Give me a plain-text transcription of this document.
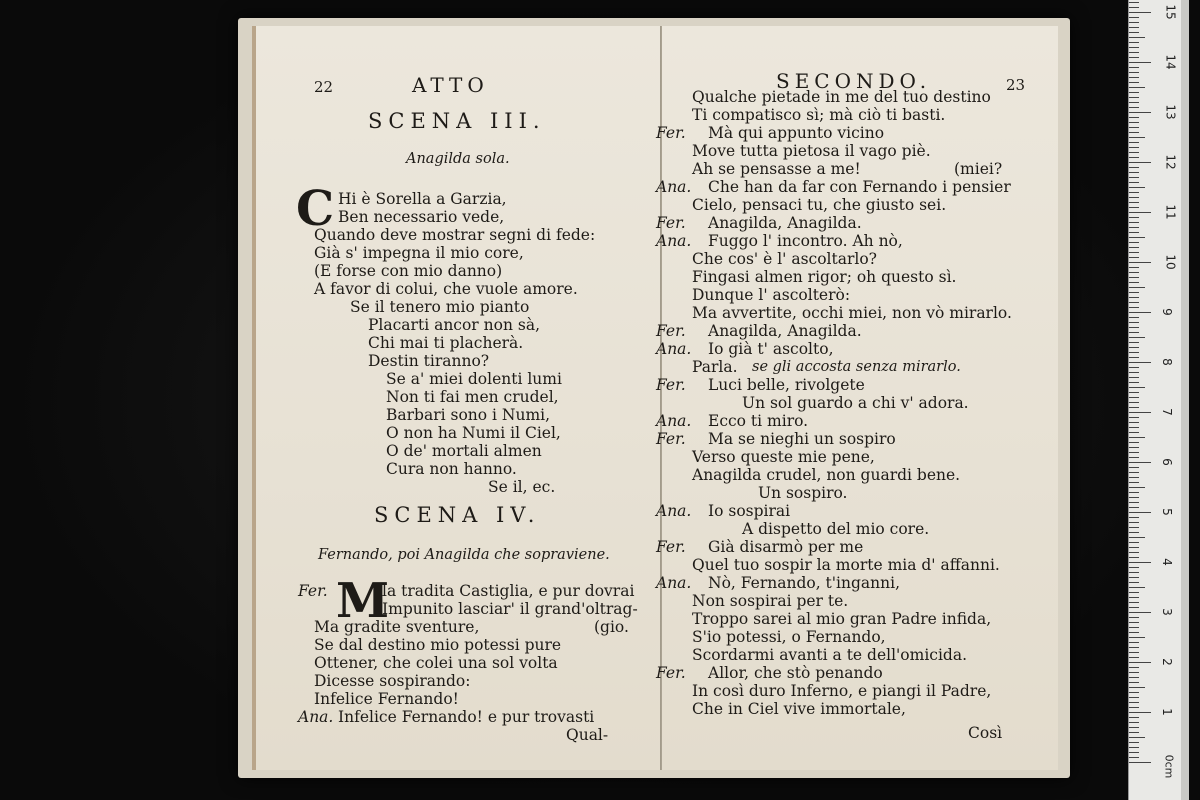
22	ATTO
SCENA III.
Anagilda sola.
C Hi è Sorella a Garzia,
Ben necessario vede,
Quando deve mostrar segni di fede:
Già s' impegna il mio core,
(E forse con mio danno)
A favor di colui, che vuole amore.
Se il tenero mio pianto
Placarti ancor non sà,
Chi mai ti placherà.
Destin tiranno?
Se a' miei dolenti lumi
Non ti fai men crudel,
Barbari sono i Numi,
O non ha Numi il Ciel,
O de' mortali almen
Cura non hanno.
Se il, ec.
SCENA IV.
Fernando, poi Anagilda che sopraviene.
Fer. M
la tradita Castiglia, e pur dovrai
Impunito lasciar' il grand'oltrag-
Ma gradite sventure,	(gio.
Se dal destino mio potessi pure
Ottener, che colei una sol volta
Dicesse sospirando:
Infelice Fernando!
Ana. Infelice Fernando! e pur trovasti
Qual-
SECONDO.	23
Qualche pietade in me del tuo destino
Ti compatisco sì; mà ciò ti basti.
Fer. Mà qui appunto vicino
Move tutta pietosa il vago piè.
Ah se pensasse a me!	(miei?
Ana. Che han da far con Fernando i pensier
Cielo, pensaci tu, che giusto sei.
Fer. Anagilda, Anagilda.
Ana. Fuggo l' incontro. Ah nò,
Che cos' è l' ascoltarlo?
Fingasi almen rigor; oh questo sì.
Dunque l' ascolterò:
Ma avvertite, occhi miei, non vò mirarlo.
Fer. Anagilda, Anagilda.
Ana. Io già t' ascolto,
Parla. se gli accosta senza mirarlo.
Fer. Luci belle, rivolgete
Un sol guardo a chi v' adora.
Ana. Ecco ti miro.
Fer. Ma se nieghi un sospiro
Verso queste mie pene,
Anagilda crudel, non guardi bene.
Un sospiro.
Ana. Io sospirai
A dispetto del mio core.
Fer. Già disarmò per me
Quel tuo sospir la morte mia d' affanni.
Ana. Nò, Fernando, t'inganni,
Non sospirai per te.
Troppo sarei al mio gran Padre infida,
S'io potessi, o Fernando,
Scordarmi avanti a te dell'omicida.
Fer. Allor, che stò penando
In così duro Inferno, e piangi il Padre,
Che in Ciel vive immortale,
Così
1
2
3
4
5
6
7
8
9
10
11
12
13
14
15
0cm
